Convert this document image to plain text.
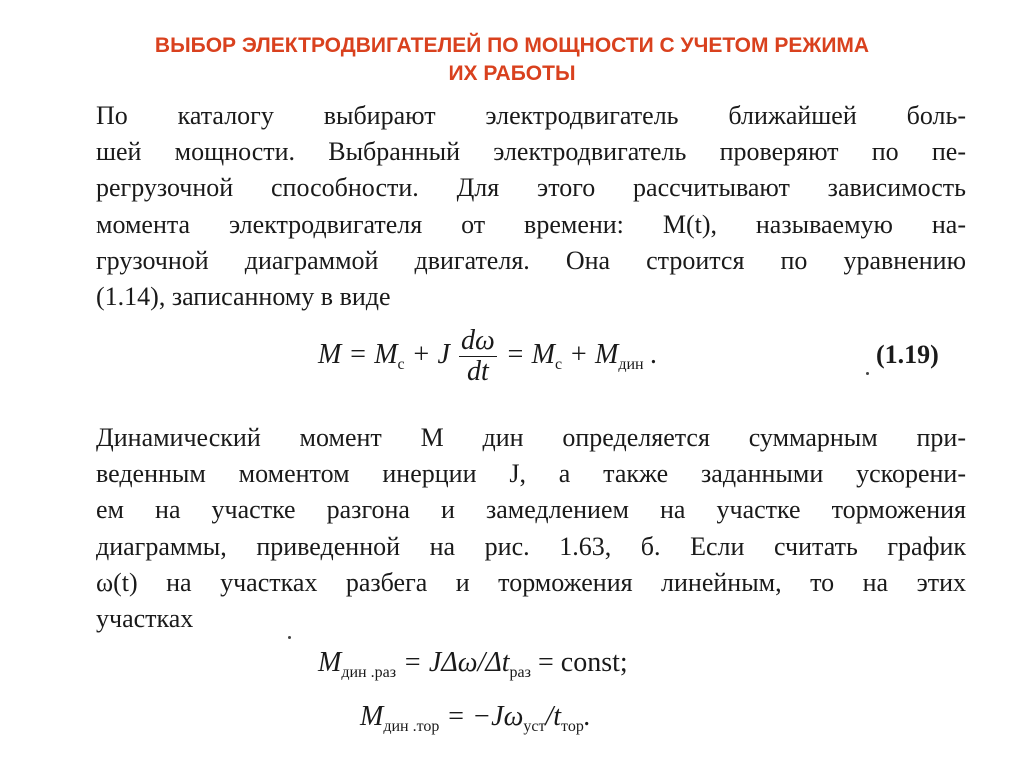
ВЫБОР ЭЛЕКТРОДВИГАТЕЛЕЙ ПО МОЩНОСТИ С УЧЕТОМ РЕЖИМА
ИХ РАБОТЫ
По каталогу выбирают электродвигатель ближайшей боль-
шей мощности. Выбранный электродвигатель проверяют по пе-
регрузочной способности. Для этого рассчитывают зависимость
момента электродвигателя от времени: M(t), называемую на-
грузочной диаграммой двигателя. Она строится по уравнению
(1.14), записанному в виде
$M = M_с + J \frac{d\omega}{dt} = M_с + M_{дин}$ .	(1.19)
Динамический момент M дин определяется суммарным при-
веденным моментом инерции J, а также заданными ускорени-
ем на участке разгона и замедлением на участке торможения
диаграммы, приведенной на рис. 1.63, б. Если считать график
ω(t) на участках разбега и торможения линейным, то на этих
участках
$M_{дин .раз} = J\Delta\omega/\Delta t_{раз}$ = const;
$M_{дин .тор} = -J\omega_{уст}/t_{тор}$.
